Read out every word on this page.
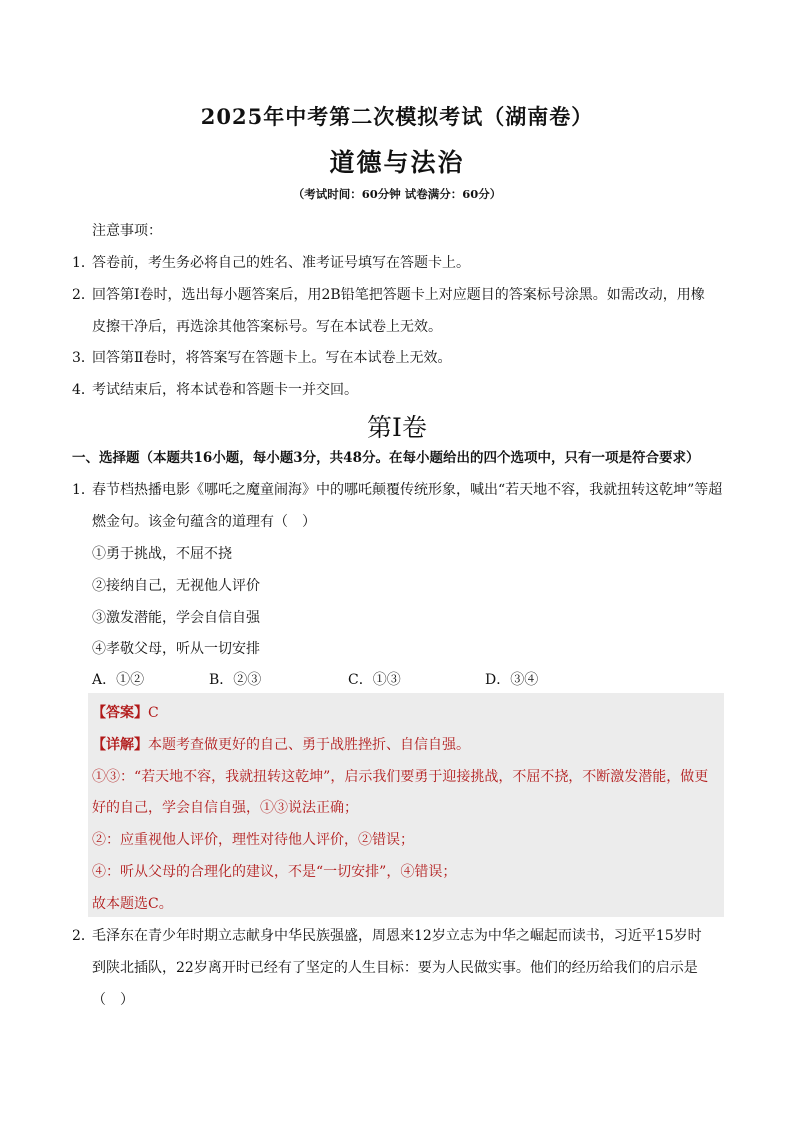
2025年中考第二次模拟考试（湖南卷）
道德与法治
（考试时间：60分钟 试卷满分：60分）
注意事项：
1．
答卷前，考生务必将自己的姓名、准考证号填写在答题卡上。
2．
回答第Ⅰ卷时，选出每小题答案后，用2B铅笔把答题卡上对应题目的答案标号涂黑。如需改动，用橡
皮擦干净后，再选涂其他答案标号。写在本试卷上无效。
3．
回答第Ⅱ卷时，将答案写在答题卡上。写在本试卷上无效。
4．
考试结束后，将本试卷和答题卡一并交回。
第Ⅰ卷
一、选择题（本题共16小题，每小题3分，共48分。在每小题给出的四个选项中，只有一项是符合要求）
1．
春节档热播电影《哪吒之魔童闹海》中的哪吒颠覆传统形象，喊出“若天地不容，我就扭转这乾坤”等超
燃金句。该金句蕴含的道理有（　）
①勇于挑战，不屈不挠
②接纳自己，无视他人评价
③激发潜能，学会自信自强
④孝敬父母，听从一切安排
A．①②	B．②③	C．①③	D．③④
【答案】C
【详解】本题考查做更好的自己、勇于战胜挫折、自信自强。
①③：“若天地不容，我就扭转这乾坤”，启示我们要勇于迎接挑战，不屈不挠，不断激发潜能，做更
好的自己，学会自信自强，①③说法正确；
②：应重视他人评价，理性对待他人评价，②错误；
④：听从父母的合理化的建议，不是“一切安排”，④错误；
故本题选C。
2．
毛泽东在青少年时期立志献身中华民族强盛，周恩来12岁立志为中华之崛起而读书，习近平15岁时
到陕北插队，22岁离开时已经有了坚定的人生目标：要为人民做实事。他们的经历给我们的启示是
（　）
